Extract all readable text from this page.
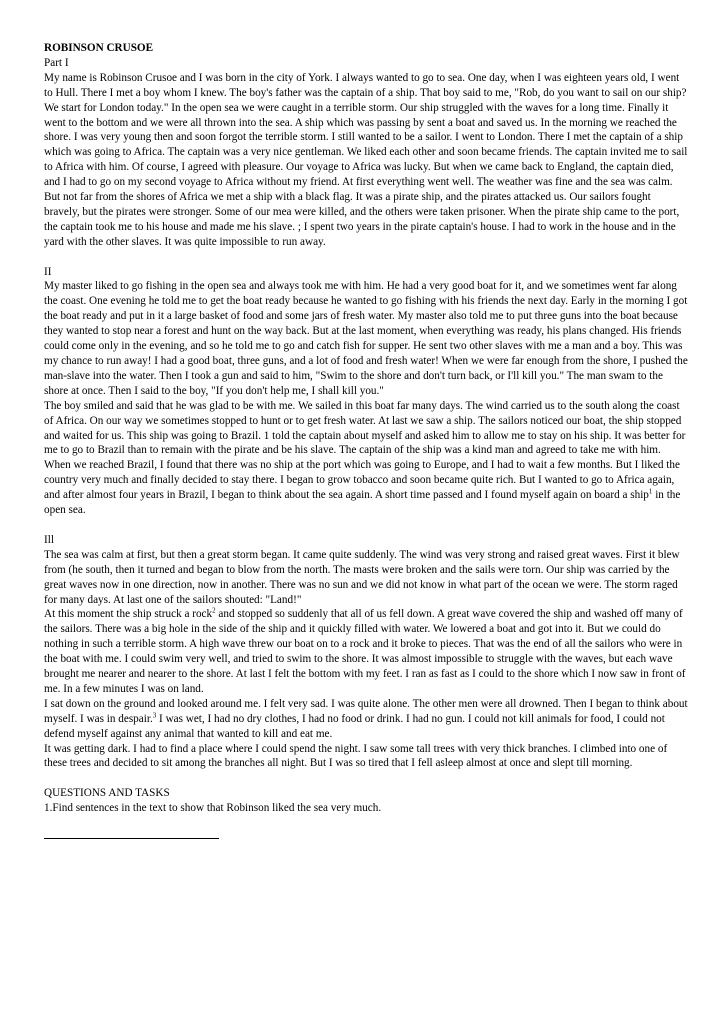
ROBINSON CRUSOE

Part I

My name is Robinson Crusoe and I was born in the city of York. I always wanted to go to sea. One day, when I was eighteen years old, I went to Hull. There I met a boy whom I knew. The boy's father was the captain of a ship. That boy said to me, "Rob, do you want to sail on our ship? We start for London today." In the open sea we were caught in a terrible storm. Our ship struggled with the waves for a long time. Finally it went to the bottom and we were all thrown into the sea. A ship which was passing by sent a boat and saved us. In the morning we reached the shore. I was very young then and soon forgot the terrible storm. I still wanted to be a sailor. I went to London. There I met the captain of a ship which was going to Africa. The captain was a very nice gentleman. We liked each other and soon became friends. The captain invited me to sail to Africa with him. Of course, I agreed with pleasure. Our voyage to Africa was lucky. But when we came back to England, the captain died, and I had to go on my second voyage to Africa without my friend. At first everything went well. The weather was fine and the sea was calm. But not far from the shores of Africa we met a ship with a black flag. It was a pirate ship, and the pirates attacked us. Our sailors fought bravely, but the pirates were stronger. Some of our mea were killed, and the others were taken prisoner. When the pirate ship came to the port, the captain took me to his house and made me his slave. ; I spent two years in the pirate captain's house. I had to work in the house and in the yard with the other slaves. It was quite impossible to run away.

II

My master liked to go fishing in the open sea and always took me with him. He had a very good boat for it, and we sometimes went far along the coast. One evening he told me to get the boat ready because he wanted to go fishing with his friends the next day. Early in the morning I got the boat ready and put in it a large basket of food and some jars of fresh water. My master also told me to put three guns into the boat because they wanted to stop near a forest and hunt on the way back. But at the last moment, when everything was ready, his plans changed. His friends could come only in the evening, and so he told me to go and catch fish for supper. He sent two other slaves with me a man and a boy. This was my chance to run away! I had a good boat, three guns, and a lot of food and fresh water! When we were far enough from the shore, I pushed the man-slave into the water. Then I took a gun and said to him, "Swim to the shore and don't turn back, or I'll kill you." The man swam to the shore at once. Then I said to the boy, "If you don't help me, I shall kill you."

The boy smiled and said that he was glad to be with me. We sailed in this boat far many days. The wind carried us to the south along the coast of Africa. On our way we sometimes stopped to hunt or to get fresh water. At last we saw a ship. The sailors noticed our boat, the ship stopped and waited for us. This ship was going to Brazil. 1 told the captain about myself and asked him to allow me to stay on his ship. It was better for me to go to Brazil than to remain with the pirate and be his slave. The captain of the ship was a kind man and agreed to take me with him. When we reached Brazil, I found that there was no ship at the port which was going to Europe, and I had to wait a few months. But I liked the country very much and finally decided to stay there. I began to grow tobacco and soon became quite rich. But I wanted to go to Africa again, and after almost four years in Brazil, I began to think about the sea again. A short time passed and I found myself again on board a ship$^1$ in the open sea.

Ill

The sea was calm at first, but then a great storm began. It came quite suddenly. The wind was very strong and raised great waves. First it blew from (he south, then it turned and began to blow from the north. The masts were broken and the sails were torn. Our ship was carried by the great waves now in one direction, now in another. There was no sun and we did not know in what part of the ocean we were. The storm raged for many days. At last one of the sailors shouted: "Land!"

At this moment the ship struck a rock$^2$ and stopped so suddenly that all of us fell down. A great wave covered the ship and washed off many of the sailors. There was a big hole in the side of the ship and it quickly filled with water. We lowered a boat and got into it. But we could do nothing in such a terrible storm. A high wave threw our boat on to a rock and it broke to pieces. That was the end of all the sailors who were in the boat with me. I could swim very well, and tried to swim to the shore. It was almost impossible to struggle with the waves, but each wave brought me nearer and nearer to the shore. At last I felt the bottom with my feet. I ran as fast as I could to the shore which I now saw in front of me. In a few minutes I was on land.

I sat down on the ground and looked around me. I felt very sad. I was quite alone. The other men were all drowned. Then I began to think about myself. I was in despair.$^3$ I was wet, I had no dry clothes, I had no food or drink. I had no gun. I could not kill animals for food, I could not defend myself against any animal that wanted to kill and eat me.

It was getting dark. I had to find a place where I could spend the night. I saw some tall trees with very thick branches. I climbed into one of these trees and decided to sit among the branches all night. But I was so tired that I fell asleep almost at once and slept till morning.

QUESTIONS AND TASKS

1.Find sentences in the text to show that Robinson liked the sea very much.
